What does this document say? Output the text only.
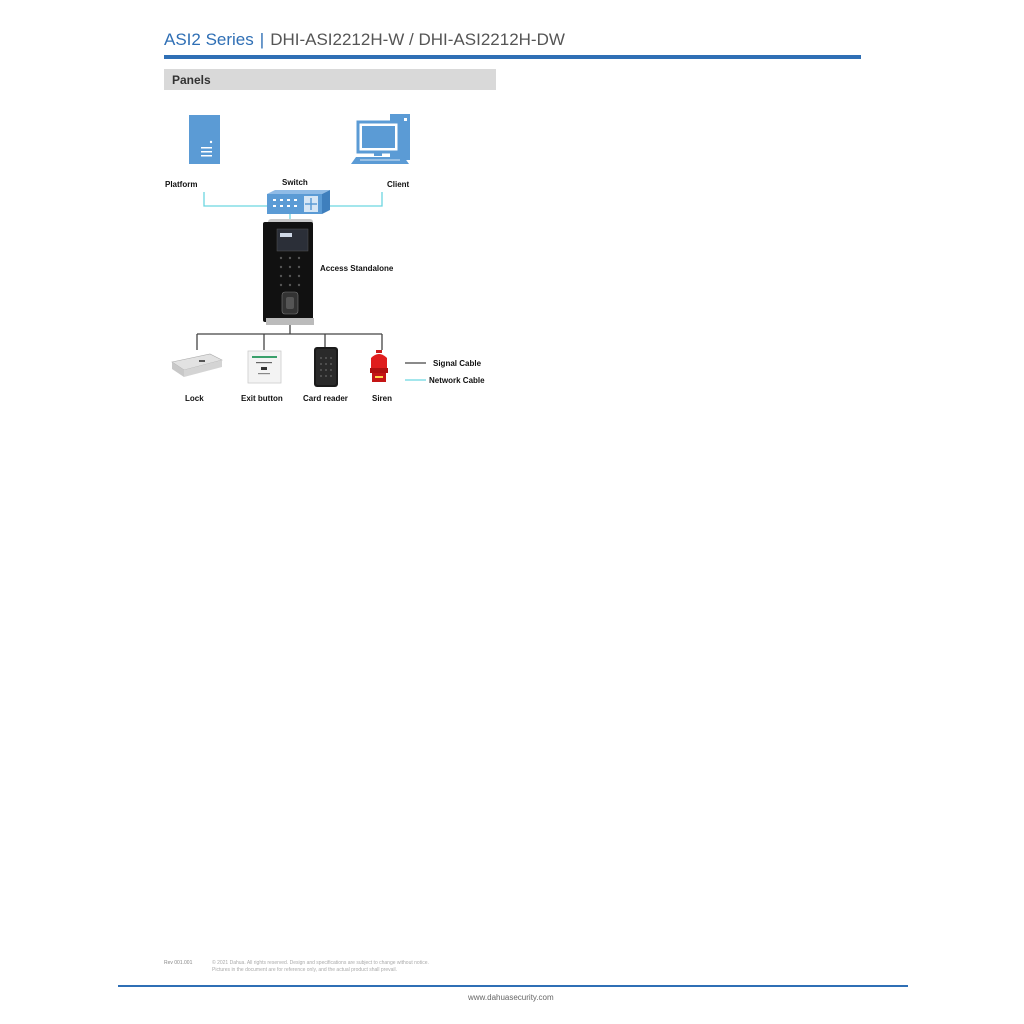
ASI2 Series | DHI-ASI2212H-W / DHI-ASI2212H-DW
Panels
Platform	Switch	Client
Access Standalone
Lock	Exit button	Card reader	Siren
Signal Cable
Network Cable
Rev 001.001	© 2021 Dahua. All rights reserved. Design and specifications are subject to change without notice.
Pictures in the document are for reference only, and the actual product shall prevail.
www.dahuasecurity.com
